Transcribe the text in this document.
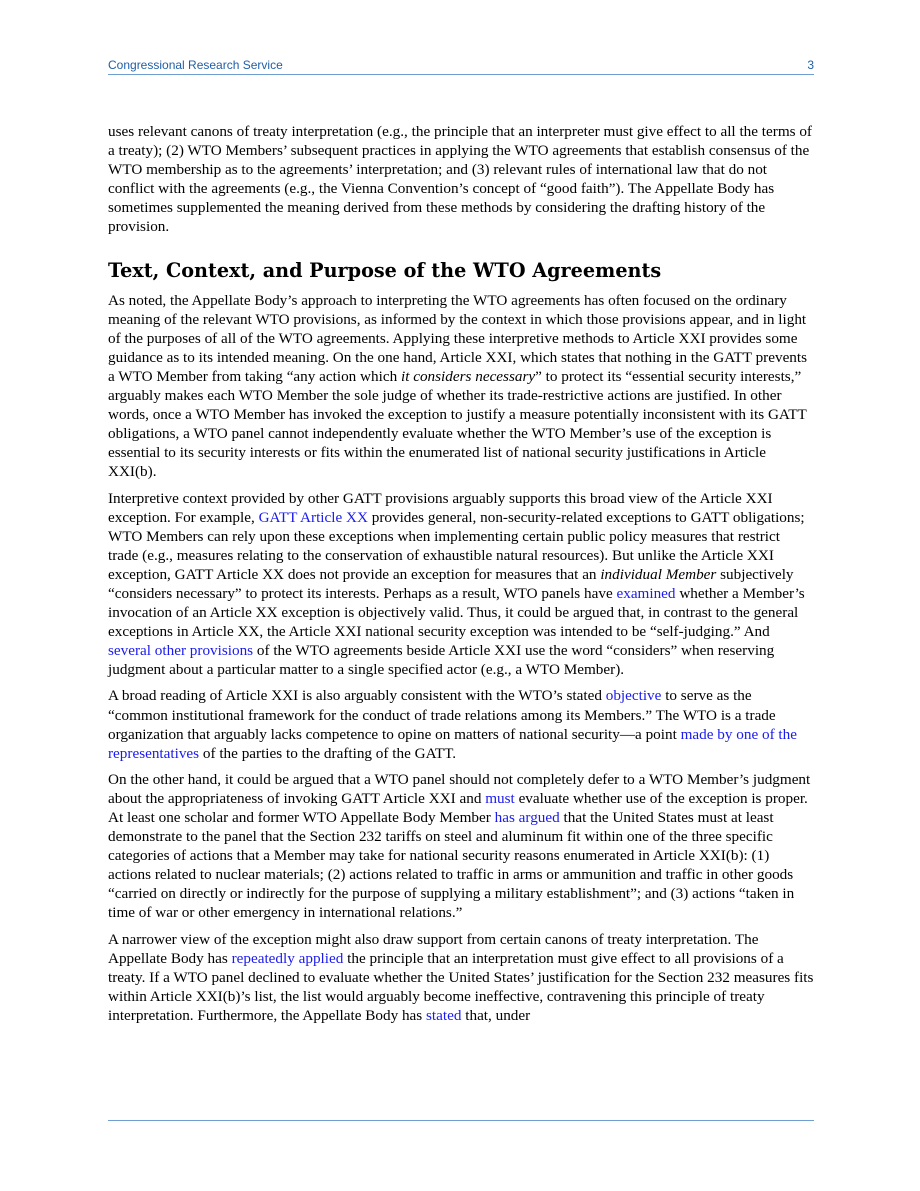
Congressional Research Service	3

uses relevant canons of treaty interpretation (e.g., the principle that an interpreter must give effect to all the terms of a treaty); (2) WTO Members’ subsequent practices in applying the WTO agreements that establish consensus of the WTO membership as to the agreements’ interpretation; and (3) relevant rules of international law that do not conflict with the agreements (e.g., the Vienna Convention’s concept of “good faith”). The Appellate Body has sometimes supplemented the meaning derived from these methods by considering the drafting history of the provision.

Text, Context, and Purpose of the WTO Agreements

As noted, the Appellate Body’s approach to interpreting the WTO agreements has often focused on the ordinary meaning of the relevant WTO provisions, as informed by the context in which those provisions appear, and in light of the purposes of all of the WTO agreements. Applying these interpretive methods to Article XXI provides some guidance as to its intended meaning. On the one hand, Article XXI, which states that nothing in the GATT prevents a WTO Member from taking “any action which it considers necessary” to protect its “essential security interests,” arguably makes each WTO Member the sole judge of whether its trade-restrictive actions are justified. In other words, once a WTO Member has invoked the exception to justify a measure potentially inconsistent with its GATT obligations, a WTO panel cannot independently evaluate whether the WTO Member’s use of the exception is essential to its security interests or fits within the enumerated list of national security justifications in Article XXI(b).

Interpretive context provided by other GATT provisions arguably supports this broad view of the Article XXI exception. For example, GATT Article XX provides general, non-security-related exceptions to GATT obligations; WTO Members can rely upon these exceptions when implementing certain public policy measures that restrict trade (e.g., measures relating to the conservation of exhaustible natural resources). But unlike the Article XXI exception, GATT Article XX does not provide an exception for measures that an individual Member subjectively “considers necessary” to protect its interests. Perhaps as a result, WTO panels have examined whether a Member’s invocation of an Article XX exception is objectively valid. Thus, it could be argued that, in contrast to the general exceptions in Article XX, the Article XXI national security exception was intended to be “self-judging.” And several other provisions of the WTO agreements beside Article XXI use the word “considers” when reserving judgment about a particular matter to a single specified actor (e.g., a WTO Member).

A broad reading of Article XXI is also arguably consistent with the WTO’s stated objective to serve as the “common institutional framework for the conduct of trade relations among its Members.” The WTO is a trade organization that arguably lacks competence to opine on matters of national security—a point made by one of the representatives of the parties to the drafting of the GATT.

On the other hand, it could be argued that a WTO panel should not completely defer to a WTO Member’s judgment about the appropriateness of invoking GATT Article XXI and must evaluate whether use of the exception is proper. At least one scholar and former WTO Appellate Body Member has argued that the United States must at least demonstrate to the panel that the Section 232 tariffs on steel and aluminum fit within one of the three specific categories of actions that a Member may take for national security reasons enumerated in Article XXI(b): (1) actions related to nuclear materials; (2) actions related to traffic in arms or ammunition and traffic in other goods “carried on directly or indirectly for the purpose of supplying a military establishment”; and (3) actions “taken in time of war or other emergency in international relations.”

A narrower view of the exception might also draw support from certain canons of treaty interpretation. The Appellate Body has repeatedly applied the principle that an interpretation must give effect to all provisions of a treaty. If a WTO panel declined to evaluate whether the United States’ justification for the Section 232 measures fits within Article XXI(b)’s list, the list would arguably become ineffective, contravening this principle of treaty interpretation. Furthermore, the Appellate Body has stated that, under
